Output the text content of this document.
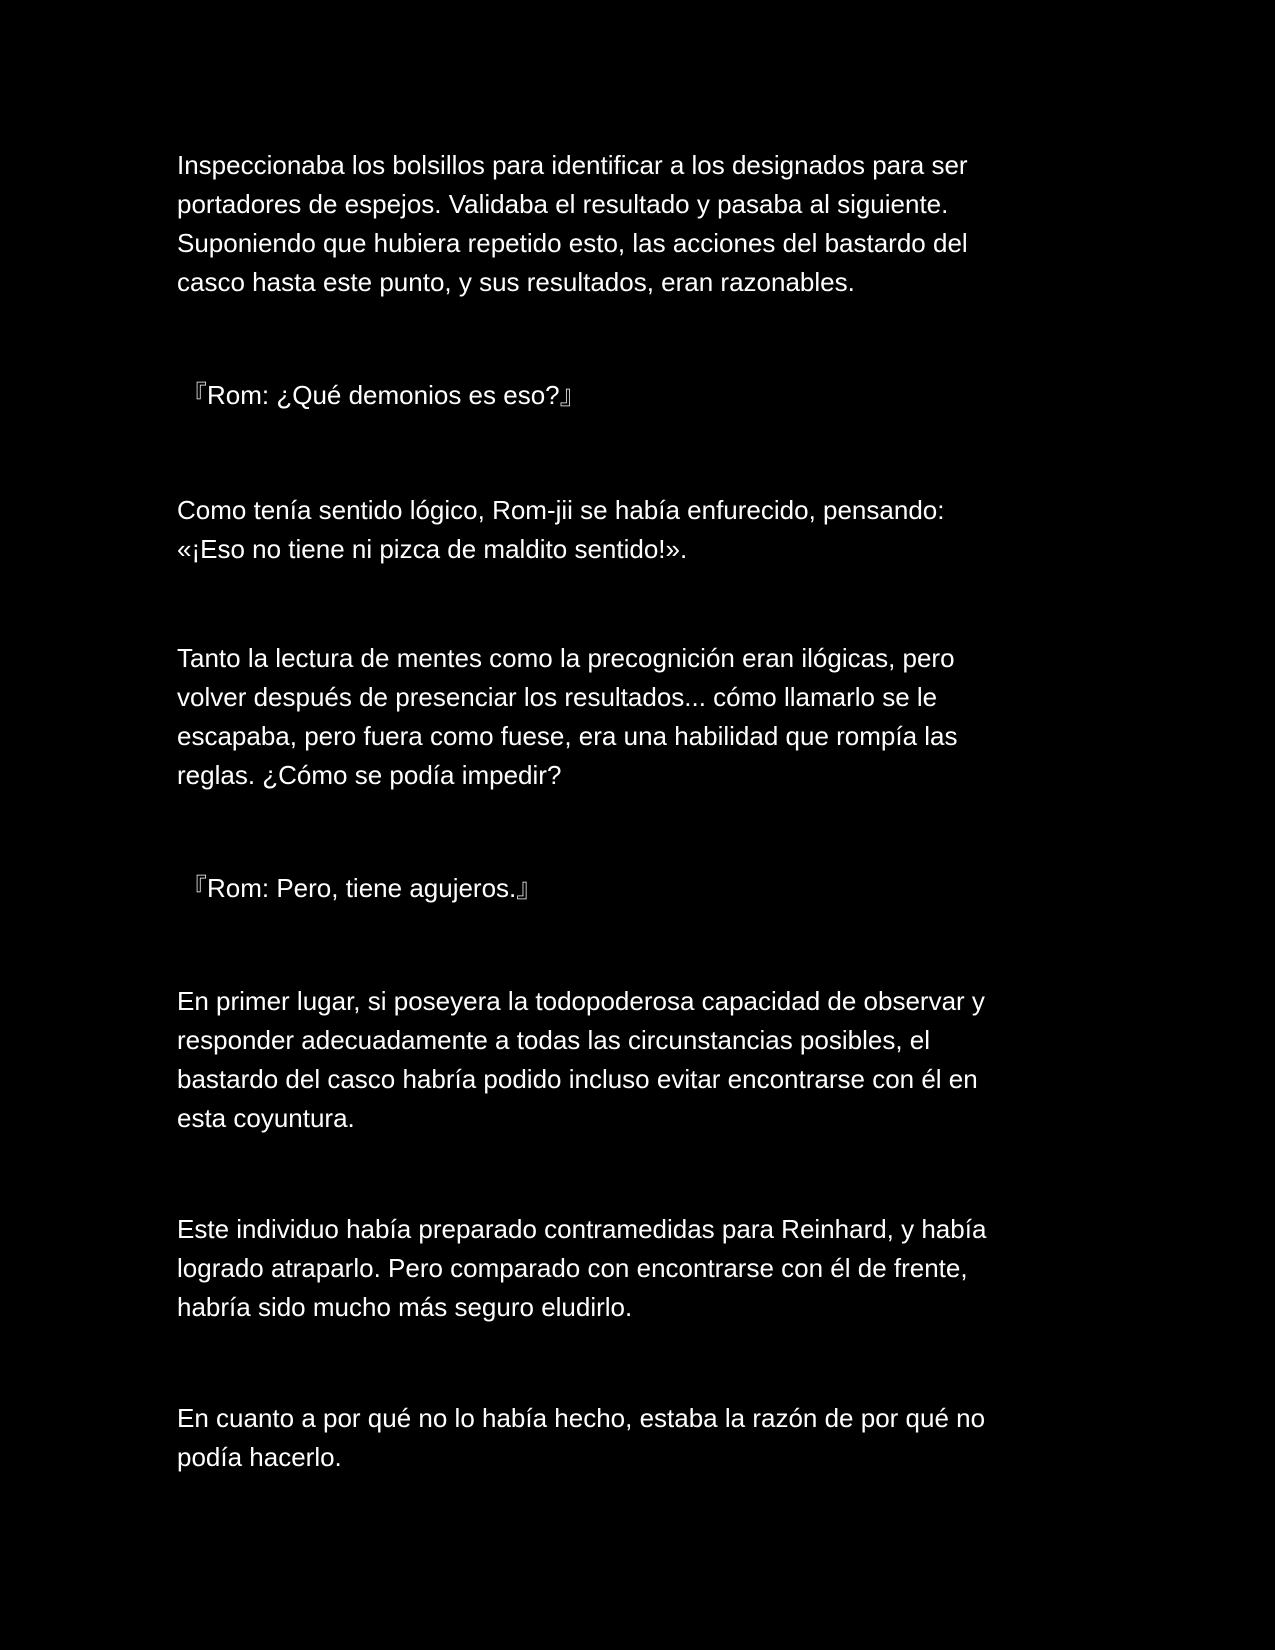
Inspeccionaba los bolsillos para identificar a los designados para ser
portadores de espejos. Validaba el resultado y pasaba al siguiente.
Suponiendo que hubiera repetido esto, las acciones del bastardo del
casco hasta este punto, y sus resultados, eran razonables.

『Rom: ¿Qué demonios es eso?』

Como tenía sentido lógico, Rom-jii se había enfurecido, pensando:
«¡Eso no tiene ni pizca de maldito sentido!».

Tanto la lectura de mentes como la precognición eran ilógicas, pero
volver después de presenciar los resultados... cómo llamarlo se le
escapaba, pero fuera como fuese, era una habilidad que rompía las
reglas. ¿Cómo se podía impedir?

『Rom: Pero, tiene agujeros.』

En primer lugar, si poseyera la todopoderosa capacidad de observar y
responder adecuadamente a todas las circunstancias posibles, el
bastardo del casco habría podido incluso evitar encontrarse con él en
esta coyuntura.

Este individuo había preparado contramedidas para Reinhard, y había
logrado atraparlo. Pero comparado con encontrarse con él de frente,
habría sido mucho más seguro eludirlo.

En cuanto a por qué no lo había hecho, estaba la razón de por qué no
podía hacerlo.
